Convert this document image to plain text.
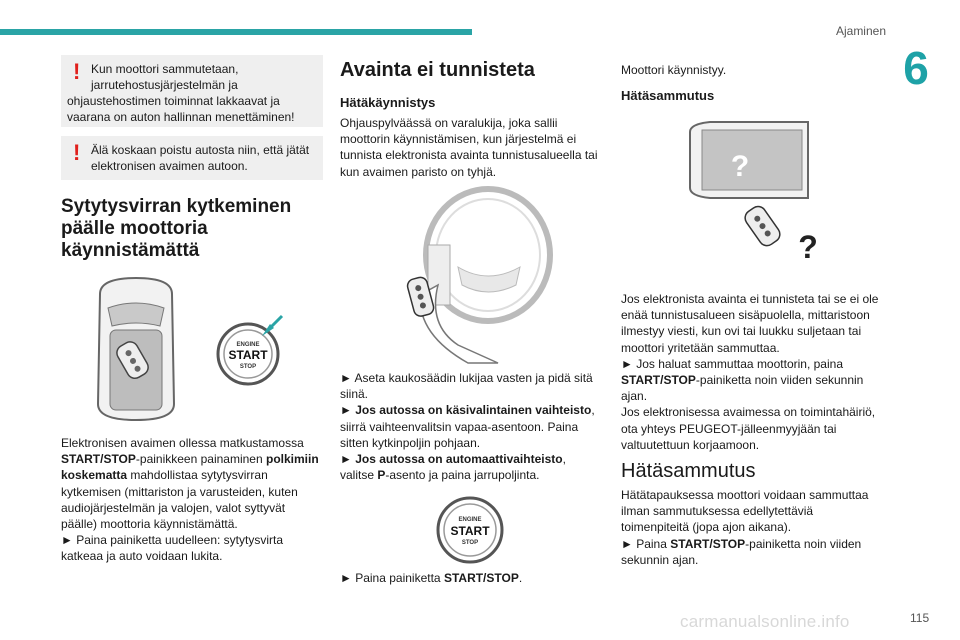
Ajaminen
6
115
carmanualsonline.info
! Kun moottori sammutetaan, jarrutehostusjärjestelmän ja
ohjaustehostimen toiminnat lakkaavat ja vaarana on auton hallinnan menettäminen!
! Älä koskaan poistu autosta niin, että jätät elektronisen avaimen autoon.
Sytytysvirran kytkeminen päälle moottoria käynnistämättä
ENGINE
START
STOP
Elektronisen avaimen ollessa matkustamossa START/STOP-painikkeen painaminen polkimiin koskematta mahdollistaa sytytysvirran kytkemisen (mittariston ja varusteiden, kuten audiojärjestelmän ja valojen, valot syttyvät päälle) moottoria käynnistämättä.
► Paina painiketta uudelleen: sytytysvirta katkeaa ja auto voidaan lukita.
Avainta ei tunnisteta
Hätäkäynnistys
Ohjauspylväässä on varalukija, joka sallii moottorin käynnistämisen, kun järjestelmä ei tunnista elektronista avainta tunnistusalueella tai kun avaimen paristo on tyhjä.
► Aseta kaukosäädin lukijaa vasten ja pidä sitä siinä.
► Jos autossa on käsivalintainen vaihteisto, siirrä vaihteenvalitsin vapaa-asentoon. Paina sitten kytkinpoljin pohjaan.
► Jos autossa on automaattivaihteisto, valitse P-asento ja paina jarrupoljinta.
ENGINE
START
STOP
► Paina painiketta START/STOP.
Moottori käynnistyy.
Hätäsammutus
?
?
Jos elektronista avainta ei tunnisteta tai se ei ole enää tunnistusalueen sisäpuolella, mittaristoon ilmestyy viesti, kun ovi tai luukku suljetaan tai moottori yritetään sammuttaa.
► Jos haluat sammuttaa moottorin, paina START/STOP-painiketta noin viiden sekunnin ajan.
Jos elektronisessa avaimessa on toimintahäiriö, ota yhteys PEUGEOT-jälleenmyyjään tai valtuutettuun korjaamoon.
Hätäsammutus
Hätätapauksessa moottori voidaan sammuttaa ilman sammutuksessa edellytettäviä toimenpiteitä (jopa ajon aikana).
► Paina START/STOP-painiketta noin viiden sekunnin ajan.
